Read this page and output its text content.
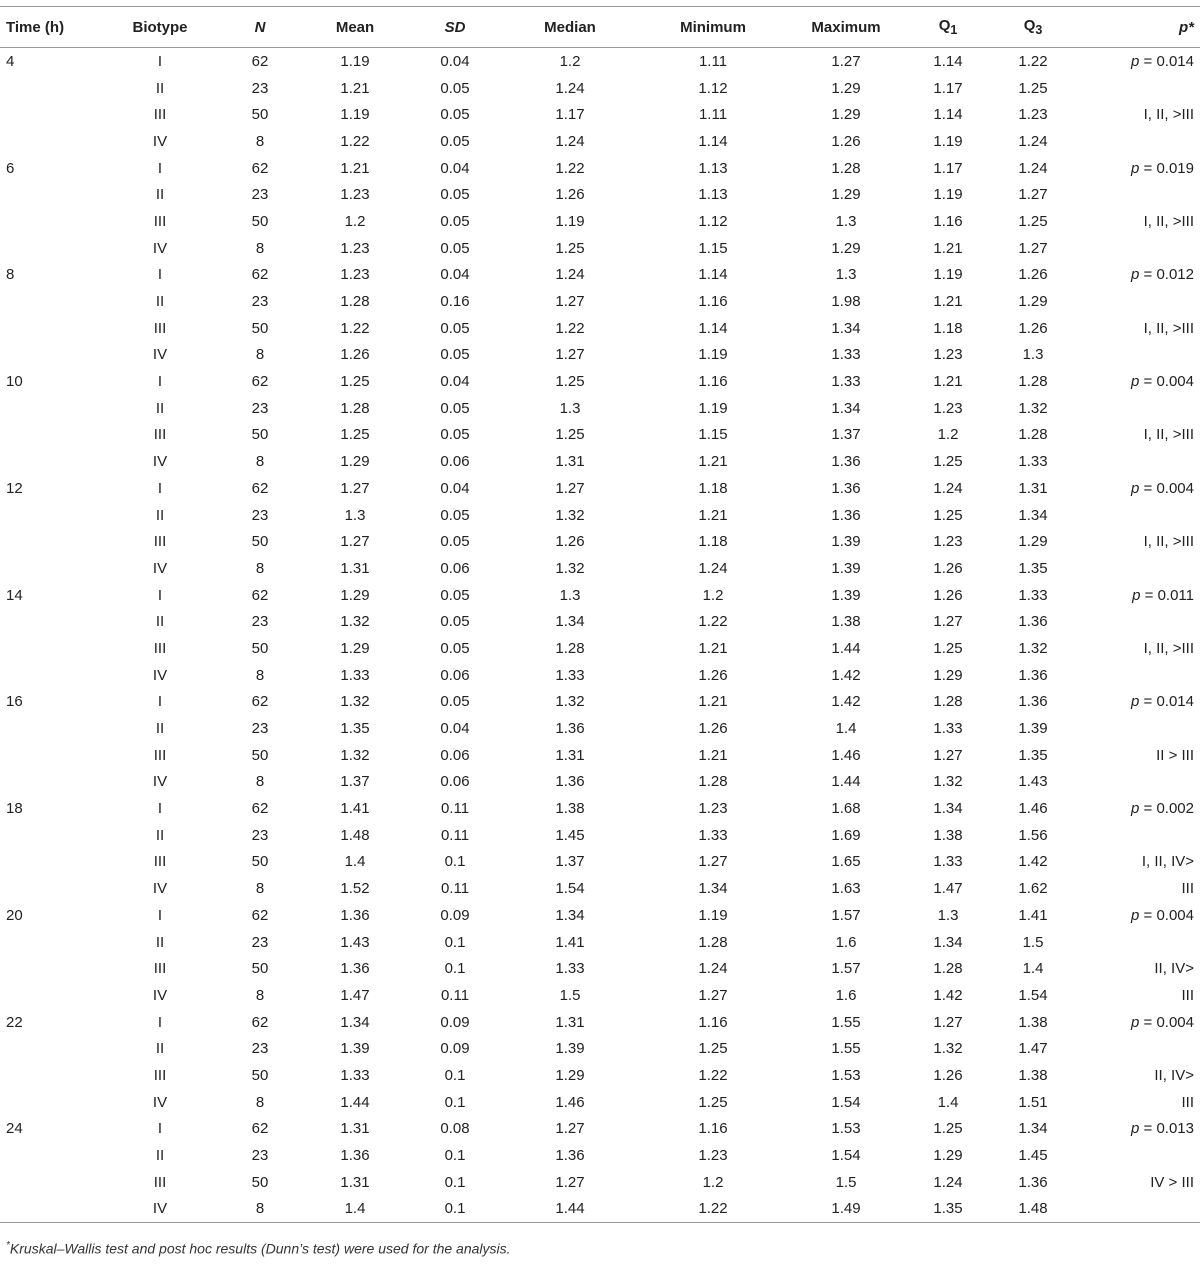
Time (h)	Biotype	N	Mean	SD	Median	Minimum	Maximum	$Q_1$	$Q_3$	p*
4	I	62	1.19	0.04	1.2	1.11	1.27	1.14	1.22	p = 0.014
	II	23	1.21	0.05	1.24	1.12	1.29	1.17	1.25	
	III	50	1.19	0.05	1.17	1.11	1.29	1.14	1.23	I, II, >III
	IV	8	1.22	0.05	1.24	1.14	1.26	1.19	1.24	
6	I	62	1.21	0.04	1.22	1.13	1.28	1.17	1.24	p = 0.019
	II	23	1.23	0.05	1.26	1.13	1.29	1.19	1.27	
	III	50	1.2	0.05	1.19	1.12	1.3	1.16	1.25	I, II, >III
	IV	8	1.23	0.05	1.25	1.15	1.29	1.21	1.27	
8	I	62	1.23	0.04	1.24	1.14	1.3	1.19	1.26	p = 0.012
	II	23	1.28	0.16	1.27	1.16	1.98	1.21	1.29	
	III	50	1.22	0.05	1.22	1.14	1.34	1.18	1.26	I, II, >III
	IV	8	1.26	0.05	1.27	1.19	1.33	1.23	1.3	
10	I	62	1.25	0.04	1.25	1.16	1.33	1.21	1.28	p = 0.004
	II	23	1.28	0.05	1.3	1.19	1.34	1.23	1.32	
	III	50	1.25	0.05	1.25	1.15	1.37	1.2	1.28	I, II, >III
	IV	8	1.29	0.06	1.31	1.21	1.36	1.25	1.33	
12	I	62	1.27	0.04	1.27	1.18	1.36	1.24	1.31	p = 0.004
	II	23	1.3	0.05	1.32	1.21	1.36	1.25	1.34	
	III	50	1.27	0.05	1.26	1.18	1.39	1.23	1.29	I, II, >III
	IV	8	1.31	0.06	1.32	1.24	1.39	1.26	1.35	
14	I	62	1.29	0.05	1.3	1.2	1.39	1.26	1.33	p = 0.011
	II	23	1.32	0.05	1.34	1.22	1.38	1.27	1.36	
	III	50	1.29	0.05	1.28	1.21	1.44	1.25	1.32	I, II, >III
	IV	8	1.33	0.06	1.33	1.26	1.42	1.29	1.36	
16	I	62	1.32	0.05	1.32	1.21	1.42	1.28	1.36	p = 0.014
	II	23	1.35	0.04	1.36	1.26	1.4	1.33	1.39	
	III	50	1.32	0.06	1.31	1.21	1.46	1.27	1.35	II > III
	IV	8	1.37	0.06	1.36	1.28	1.44	1.32	1.43	
18	I	62	1.41	0.11	1.38	1.23	1.68	1.34	1.46	p = 0.002
	II	23	1.48	0.11	1.45	1.33	1.69	1.38	1.56	
	III	50	1.4	0.1	1.37	1.27	1.65	1.33	1.42	I, II, IV>
	IV	8	1.52	0.11	1.54	1.34	1.63	1.47	1.62	III
20	I	62	1.36	0.09	1.34	1.19	1.57	1.3	1.41	p = 0.004
	II	23	1.43	0.1	1.41	1.28	1.6	1.34	1.5	
	III	50	1.36	0.1	1.33	1.24	1.57	1.28	1.4	II, IV>
	IV	8	1.47	0.11	1.5	1.27	1.6	1.42	1.54	III
22	I	62	1.34	0.09	1.31	1.16	1.55	1.27	1.38	p = 0.004
	II	23	1.39	0.09	1.39	1.25	1.55	1.32	1.47	
	III	50	1.33	0.1	1.29	1.22	1.53	1.26	1.38	II, IV>
	IV	8	1.44	0.1	1.46	1.25	1.54	1.4	1.51	III
24	I	62	1.31	0.08	1.27	1.16	1.53	1.25	1.34	p = 0.013
	II	23	1.36	0.1	1.36	1.23	1.54	1.29	1.45	
	III	50	1.31	0.1	1.27	1.2	1.5	1.24	1.36	IV > III
	IV	8	1.4	0.1	1.44	1.22	1.49	1.35	1.48	
*Kruskal–Wallis test and post hoc results (Dunn’s test) were used for the analysis.
